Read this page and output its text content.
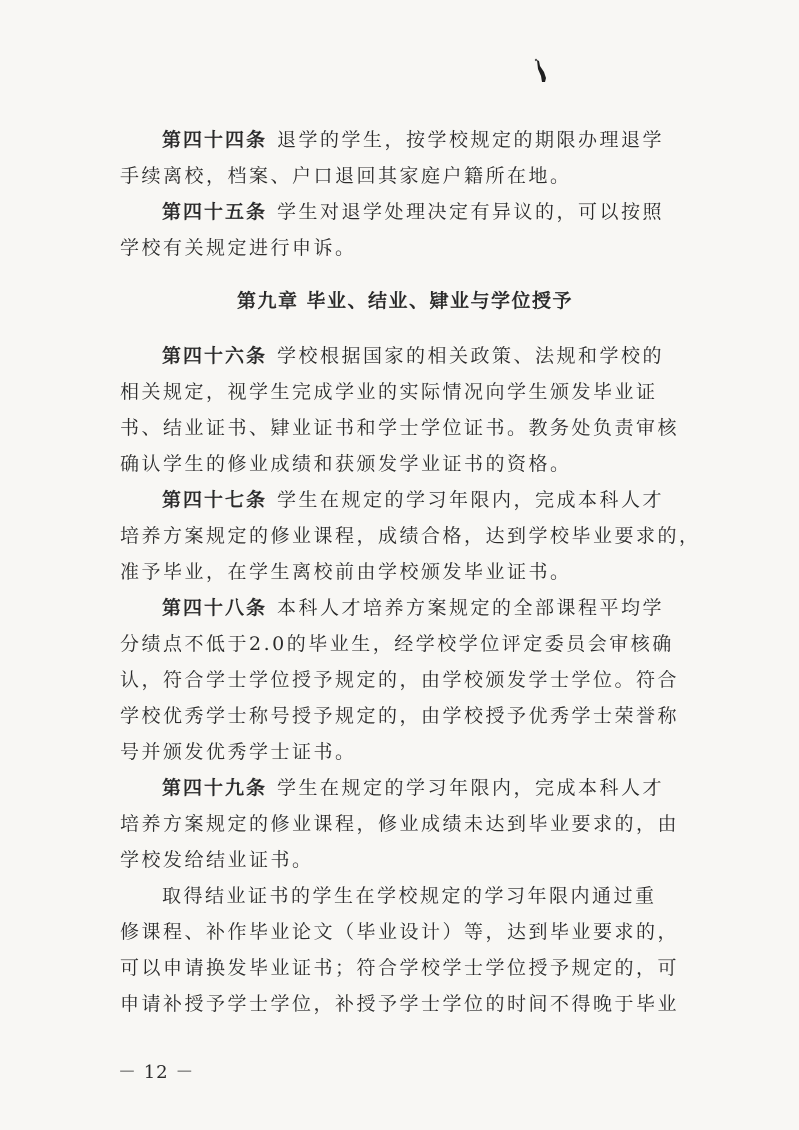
第四十四条 退学的学生，按学校规定的期限办理退学
手续离校，档案、户口退回其家庭户籍所在地。
第四十五条 学生对退学处理决定有异议的，可以按照
学校有关规定进行申诉。
第九章 毕业、结业、肄业与学位授予
第四十六条 学校根据国家的相关政策、法规和学校的
相关规定，视学生完成学业的实际情况向学生颁发毕业证
书、结业证书、肄业证书和学士学位证书。教务处负责审核
确认学生的修业成绩和获颁发学业证书的资格。
第四十七条 学生在规定的学习年限内，完成本科人才
培养方案规定的修业课程，成绩合格，达到学校毕业要求的，
准予毕业，在学生离校前由学校颁发毕业证书。
第四十八条 本科人才培养方案规定的全部课程平均学
分绩点不低于2.0的毕业生，经学校学位评定委员会审核确
认，符合学士学位授予规定的，由学校颁发学士学位。符合
学校优秀学士称号授予规定的，由学校授予优秀学士荣誉称
号并颁发优秀学士证书。
第四十九条 学生在规定的学习年限内，完成本科人才
培养方案规定的修业课程，修业成绩未达到毕业要求的，由
学校发给结业证书。
取得结业证书的学生在学校规定的学习年限内通过重
修课程、补作毕业论文（毕业设计）等，达到毕业要求的，
可以申请换发毕业证书；符合学校学士学位授予规定的，可
申请补授予学士学位，补授予学士学位的时间不得晚于毕业
－ 12 －
